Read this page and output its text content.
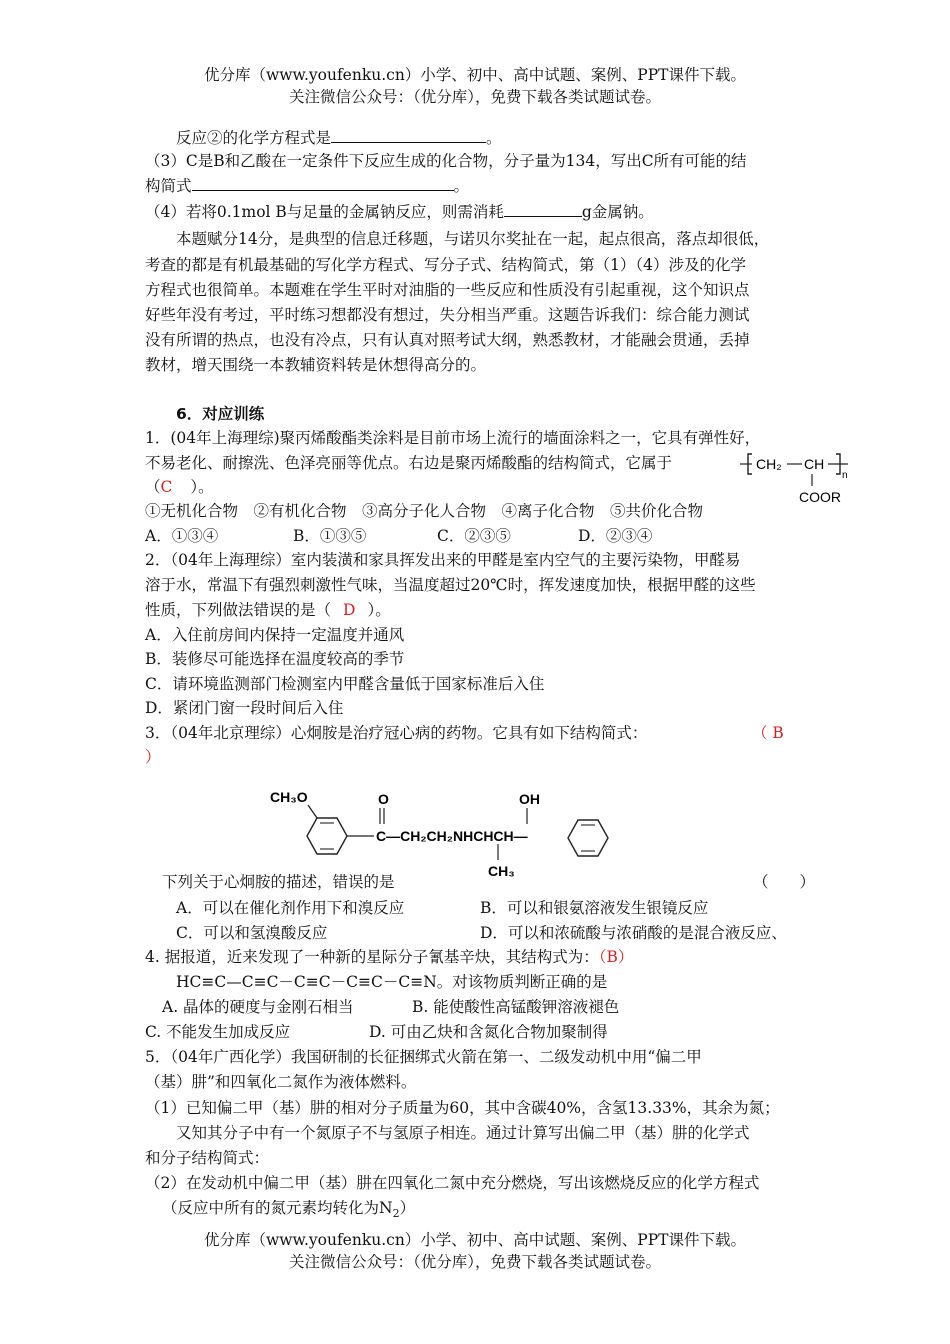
优分库（www.youfenku.cn）小学、初中、高中试题、案例、PPT课件下载。
关注微信公众号：（优分库），免费下载各类试题试卷。
反应②的化学方程式是	。
（3）C是B和乙酸在一定条件下反应生成的化合物，分子量为134，写出C所有可能的结
构简式	。
（4）若将0.1mol B与足量的金属钠反应，则需消耗	g金属钠。
本题赋分14分，是典型的信息迁移题，与诺贝尔奖扯在一起，起点很高，落点却很低，
考查的都是有机最基础的写化学方程式、写分子式、结构简式，第（1）（4）涉及的化学
方程式也很简单。本题难在学生平时对油脂的一些反应和性质没有引起重视，这个知识点
好些年没有考过，平时练习想都没有想过，失分相当严重。这题告诉我们：综合能力测试
没有所谓的热点，也没有冷点，只有认真对照考试大纲，熟悉教材，才能融会贯通，丢掉
教材，增天围绕一本教辅资料转是休想得高分的。
6．对应训练
1．(04年上海理综)聚丙烯酸酯类涂料是目前市场上流行的墙面涂料之一，它具有弹性好，
不易老化、耐擦洗、色泽亮丽等优点。右边是聚丙烯酸酯的结构简式，它属于
（C ）。
CH₂ CH
n
COOR
①无机化合物　②有机化合物　③高分子化人合物　④离子化合物　⑤共价化合物
A．①③④	B．①③⑤	C．②③⑤	D．②③④
2．（04年上海理综）室内装潢和家具挥发出来的甲醛是室内空气的主要污染物，甲醛易
溶于水，常温下有强烈刺激性气味，当温度超过20℃时，挥发速度加快，根据甲醛的这些
性质，下列做法错误的是（ D ）。
A．入住前房间内保持一定温度并通风
B．装修尽可能选择在温度较高的季节
C．请环境监测部门检测室内甲醛含量低于国家标准后入住
D．紧闭门窗一段时间后入住
3．（04年北京理综）心炯胺是治疗冠心病的药物。它具有如下结构简式：	（ B
）
CH₃O	O
C—CH₂CH₂NHCHCH—
OH
CH₃
下列关于心炯胺的描述，错误的是	（　　）
A．可以在催化剂作用下和溴反应	B．可以和银氨溶液发生银镜反应
C．可以和氢溴酸反应	D．可以和浓硫酸与浓硝酸的是混合液反应、
4. 据报道，近来发现了一种新的星际分子氰基辛炔，其结构式为：（B）
HC≡C—C≡C－C≡C－C≡C－C≡N。对该物质判断正确的是
A. 晶体的硬度与金刚石相当	B. 能使酸性高锰酸钾溶液褪色
C. 不能发生加成反应	D. 可由乙炔和含氮化合物加聚制得
5．（04年广西化学）我国研制的长征捆绑式火箭在第一、二级发动机中用“偏二甲
（基）肼”和四氧化二氮作为液体燃料。
（1）已知偏二甲（基）肼的相对分子质量为60，其中含碳40%，含氢13.33%，其余为氮；
又知其分子中有一个氮原子不与氢原子相连。通过计算写出偏二甲（基）肼的化学式
和分子结构简式：
（2）在发动机中偏二甲（基）肼在四氧化二氮中充分燃烧，写出该燃烧反应的化学方程式
（反应中所有的氮元素均转化为$N_2$）
优分库（www.youfenku.cn）小学、初中、高中试题、案例、PPT课件下载。
关注微信公众号：（优分库），免费下载各类试题试卷。
